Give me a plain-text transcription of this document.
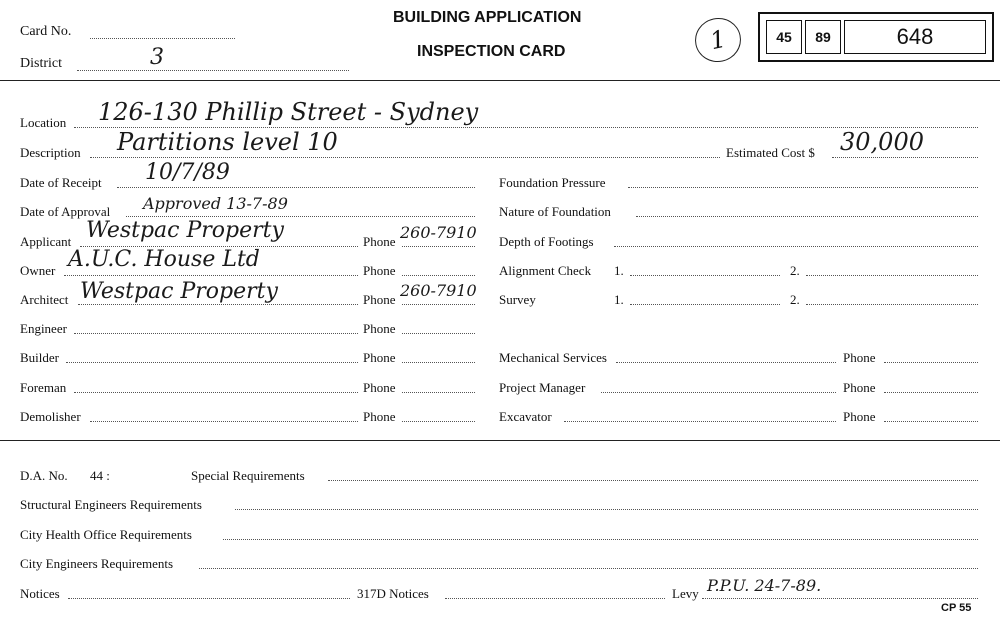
Card No.
District	3
BUILDING APPLICATION
INSPECTION CARD	1	45	89	648
Location 126-130 Phillip Street - Sydney
Description Partitions level 10	Estimated Cost $ 30,000
Date of Receipt 10/7/89
Date of Approval Approved 13-7-89
Applicant Westpac Property	Phone 260-7910
Owner A.U.C. House Ltd	Phone
Architect Westpac Property	Phone 260-7910
Engineer	Phone
Builder	Phone
Foreman	Phone
Demolisher	Phone
Foundation Pressure
Nature of Foundation
Depth of Footings
Alignment Check 1.	2.
Survey	1.	2.
Mechanical Services	Phone
Project Manager	Phone
Excavator	Phone
D.A. No. 44 :	Special Requirements
Structural Engineers Requirements
City Health Office Requirements
City Engineers Requirements
Notices	317D Notices	Levy P.P.U. 24-7-89.
CP 55
